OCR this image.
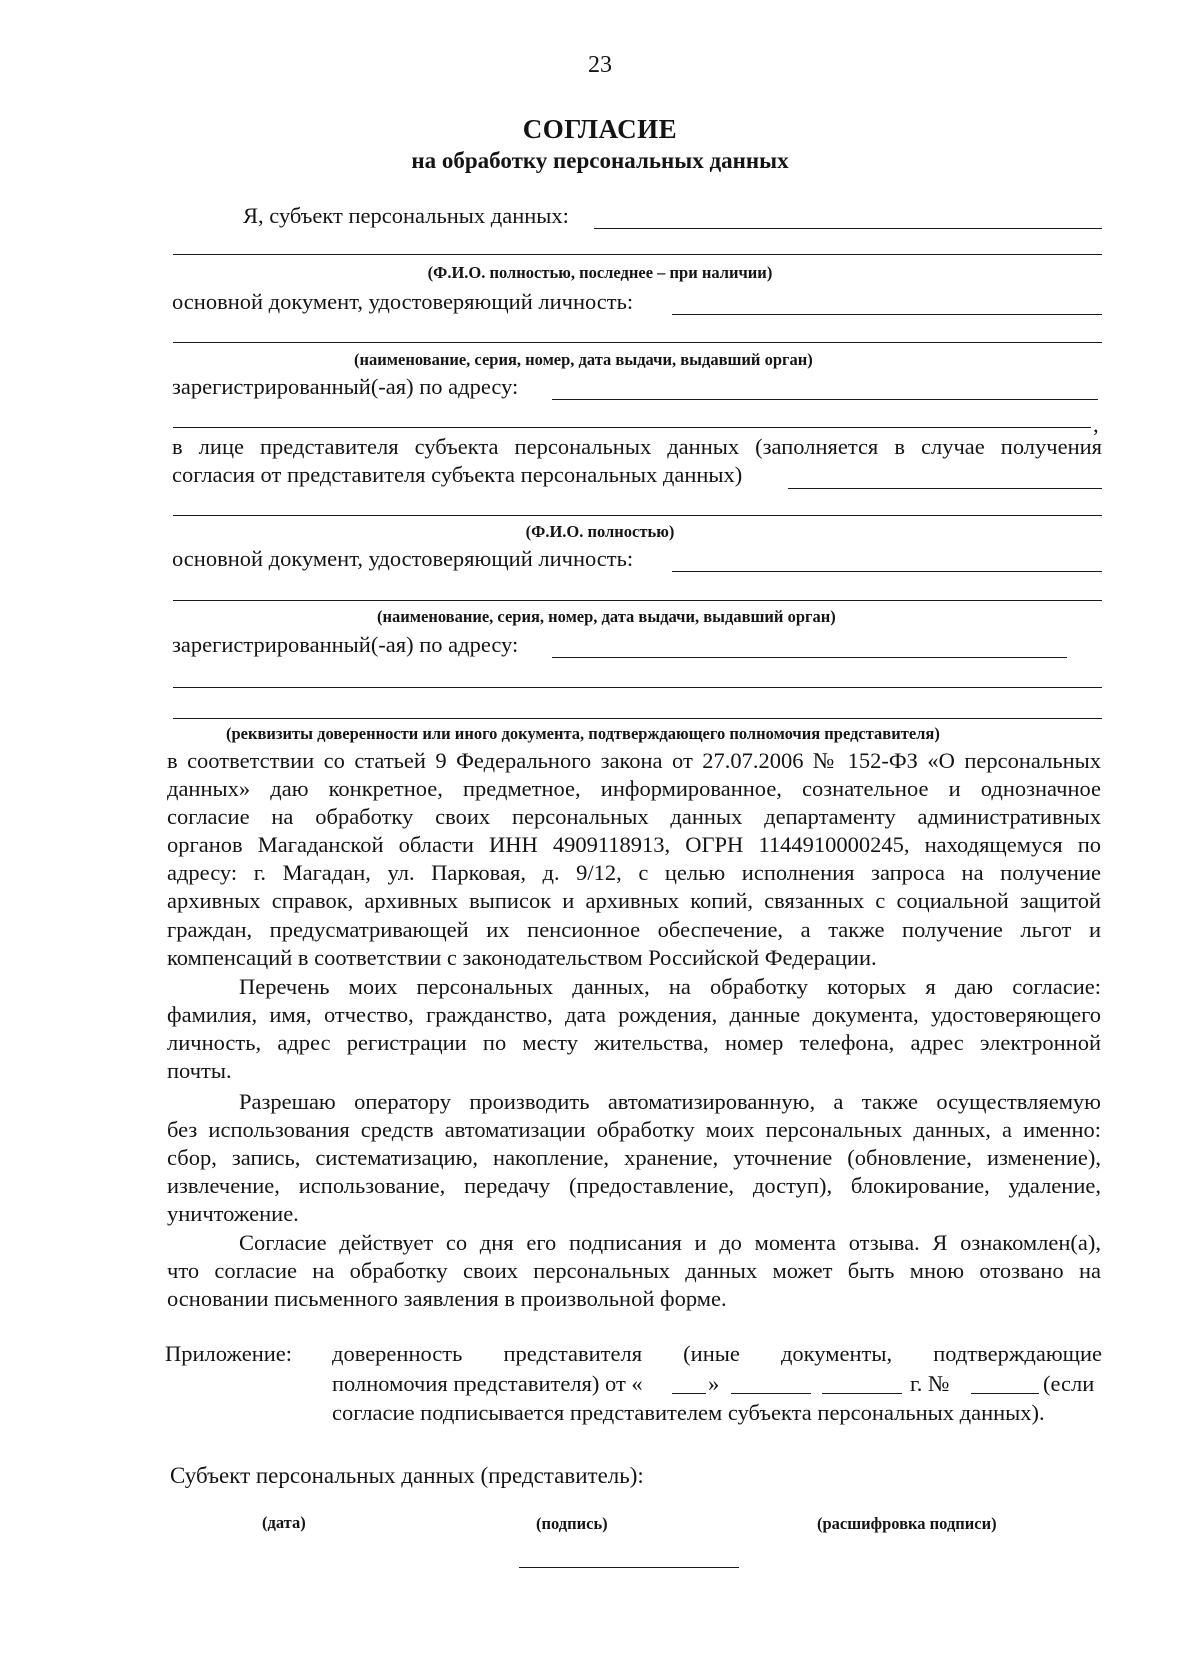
23
СОГЛАСИЕ
на обработку персональных данных
Я, субъект персональных данных:
(Ф.И.О. полностью, последнее – при наличии)
основной документ, удостоверяющий личность:
(наименование, серия, номер, дата выдачи, выдавший орган)
зарегистрированный(-ая) по адресу:
,
в лице представителя субъекта персональных данных (заполняется в случае получения
согласия от представителя субъекта персональных данных)
(Ф.И.О. полностью)
основной документ, удостоверяющий личность:
(наименование, серия, номер, дата выдачи, выдавший орган)
зарегистрированный(-ая) по адресу:
(реквизиты доверенности или иного документа, подтверждающего полномочия представителя)
в соответствии со статьей 9 Федерального закона от 27.07.2006 № 152-ФЗ «О персональных
данных» даю конкретное, предметное, информированное, сознательное и однозначное
согласие на обработку своих персональных данных департаменту административных
органов Магаданской области ИНН 4909118913, ОГРН 1144910000245, находящемуся по
адресу: г. Магадан, ул. Парковая, д. 9/12, с целью исполнения запроса на получение
архивных справок, архивных выписок и архивных копий, связанных с социальной защитой
граждан, предусматривающей их пенсионное обеспечение, а также получение льгот и
компенсаций в соответствии с законодательством Российской Федерации.
Перечень моих персональных данных, на обработку которых я даю согласие:
фамилия, имя, отчество, гражданство, дата рождения, данные документа, удостоверяющего
личность, адрес регистрации по месту жительства, номер телефона, адрес электронной
почты.
Разрешаю оператору производить автоматизированную, а также осуществляемую
без использования средств автоматизации обработку моих персональных данных, а именно:
сбор, запись, систематизацию, накопление, хранение, уточнение (обновление, изменение),
извлечение, использование, передачу (предоставление, доступ), блокирование, удаление,
уничтожение.
Согласие действует со дня его подписания и до момента отзыва. Я ознакомлен(а),
что согласие на обработку своих персональных данных может быть мною отозвано на
основании письменного заявления в произвольной форме.
Приложение: доверенность представителя (иные документы, подтверждающие
полномочия представителя) от «	»	г. №	(если
согласие подписывается представителем субъекта персональных данных).
Субъект персональных данных (представитель):
(дата)	(подпись)	(расшифровка подписи)
